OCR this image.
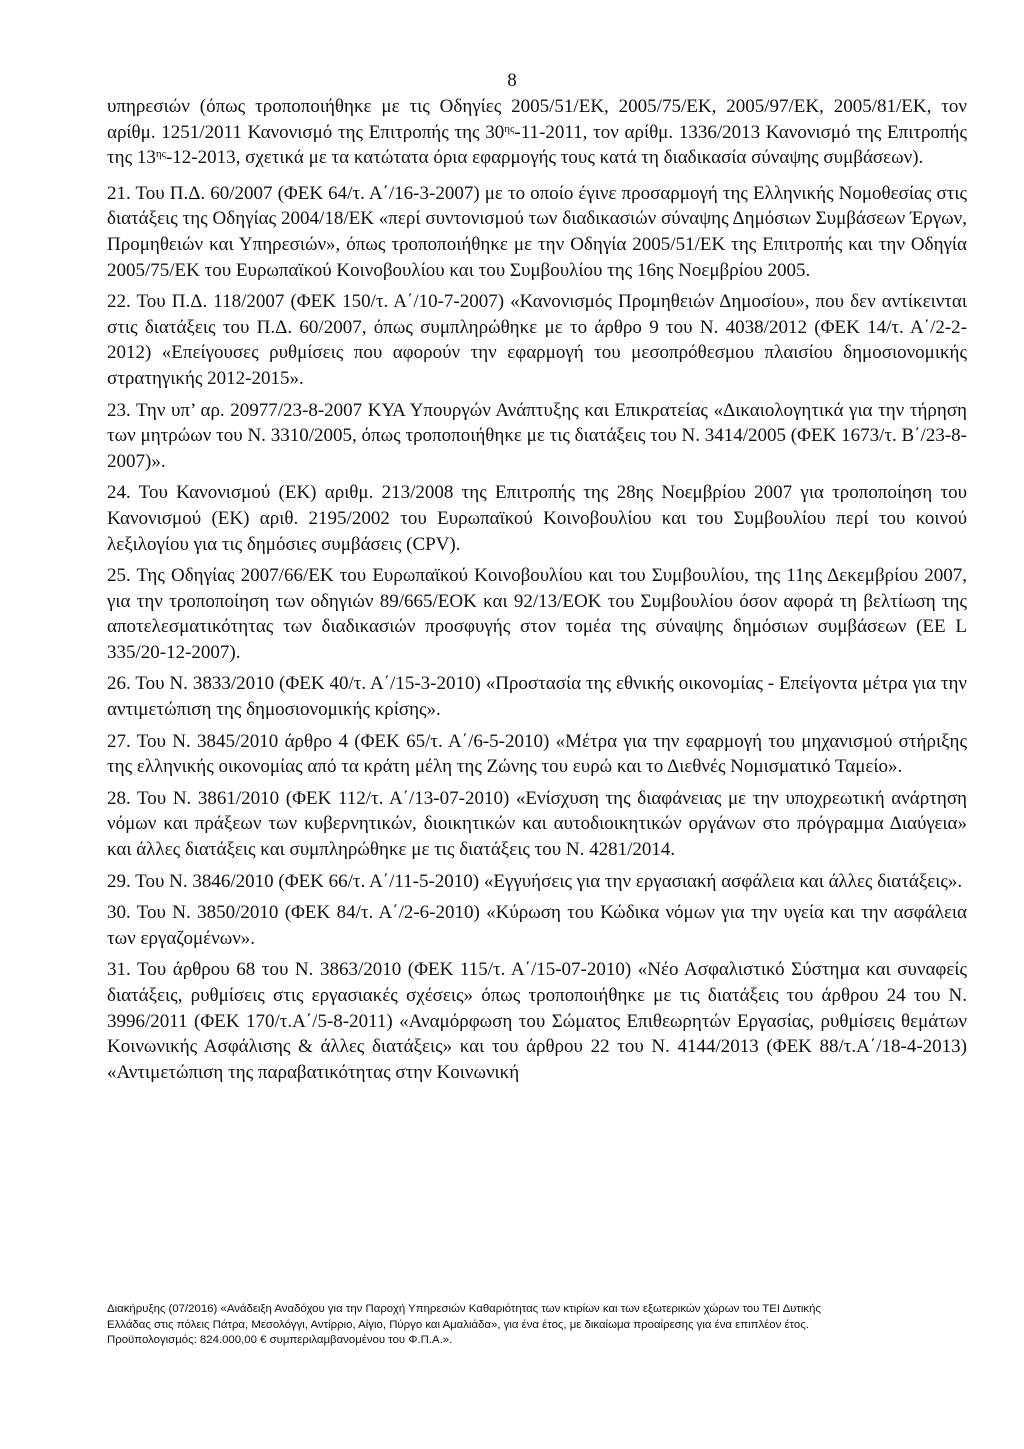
8

υπηρεσιών (όπως τροποποιήθηκε με τις Οδηγίες 2005/51/ΕΚ, 2005/75/ΕΚ, 2005/97/ΕΚ, 2005/81/ΕΚ, τον αρίθμ. 1251/2011 Κανονισμό της Επιτροπής της $30^{\eta\varsigma}-11-2011$, τον αρίθμ. 1336/2013 Κανονισμό της Επιτροπής της $13^{\eta\varsigma}-12-2013$, σχετικά με τα κατώτατα όρια εφαρμογής τους κατά τη διαδικασία σύναψης συμβάσεων).

21. Του Π.Δ. 60/2007 (ΦΕΚ 64/τ. Α΄/16-3-2007) με το οποίο έγινε προσαρμογή της Ελληνικής Νομοθεσίας στις διατάξεις της Οδηγίας 2004/18/ΕΚ «περί συντονισμού των διαδικασιών σύναψης Δημόσιων Συμβάσεων Έργων, Προμηθειών και Υπηρεσιών», όπως τροποποιήθηκε με την Οδηγία 2005/51/ΕΚ της Επιτροπής και την Οδηγία 2005/75/ΕΚ του Ευρωπαϊκού Κοινοβουλίου και του Συμβουλίου της 16ης Νοεμβρίου 2005.

22. Του Π.Δ. 118/2007 (ΦΕΚ 150/τ. Α΄/10-7-2007) «Κανονισμός Προμηθειών Δημοσίου», που δεν αντίκεινται στις διατάξεις του Π.Δ. 60/2007, όπως συμπληρώθηκε με το άρθρο 9 του Ν. 4038/2012 (ΦΕΚ 14/τ. Α΄/2-2-2012) «Επείγουσες ρυθμίσεις που αφορούν την εφαρμογή του μεσοπρόθεσμου πλαισίου δημοσιονομικής στρατηγικής 2012-2015».

23. Την υπ’ αρ. 20977/23-8-2007 ΚΥΑ Υπουργών Ανάπτυξης και Επικρατείας «Δικαιολογητικά για την τήρηση των μητρώων του Ν. 3310/2005, όπως τροποποιήθηκε με τις διατάξεις του Ν. 3414/2005 (ΦΕΚ 1673/τ. Β΄/23-8-2007)».

24. Του Κανονισμού (ΕΚ) αριθμ. 213/2008 της Επιτροπής της 28ης Νοεμβρίου 2007 για τροποποίηση του Κανονισμού (ΕΚ) αριθ. 2195/2002 του Ευρωπαϊκού Κοινοβουλίου και του Συμβουλίου περί του κοινού λεξιλογίου για τις δημόσιες συμβάσεις (CPV).

25. Της Οδηγίας 2007/66/ΕΚ του Ευρωπαϊκού Κοινοβουλίου και του Συμβουλίου, της 11ης Δεκεμβρίου 2007, για την τροποποίηση των οδηγιών 89/665/ΕΟΚ και 92/13/ΕΟΚ του Συμβουλίου όσον αφορά τη βελτίωση της αποτελεσματικότητας των διαδικασιών προσφυγής στον τομέα της σύναψης δημόσιων συμβάσεων (ΕΕ L 335/20-12-2007).

26. Του Ν. 3833/2010 (ΦΕΚ 40/τ. Α΄/15-3-2010) «Προστασία της εθνικής οικονομίας - Επείγοντα μέτρα για την αντιμετώπιση της δημοσιονομικής κρίσης».

27. Του Ν. 3845/2010 άρθρο 4 (ΦΕΚ 65/τ. Α΄/6-5-2010) «Μέτρα για την εφαρμογή του μηχανισμού στήριξης της ελληνικής οικονομίας από τα κράτη μέλη της Ζώνης του ευρώ και το Διεθνές Νομισματικό Ταμείο».

28. Του Ν. 3861/2010 (ΦΕΚ 112/τ. Α΄/13-07-2010) «Ενίσχυση της διαφάνειας με την υποχρεωτική ανάρτηση νόμων και πράξεων των κυβερνητικών, διοικητικών και αυτοδιοικητικών οργάνων στο πρόγραμμα Διαύγεια» και άλλες διατάξεις και συμπληρώθηκε με τις διατάξεις του Ν. 4281/2014.

29. Του Ν. 3846/2010 (ΦΕΚ 66/τ. Α΄/11-5-2010) «Εγγυήσεις για την εργασιακή ασφάλεια και άλλες διατάξεις».

30. Του Ν. 3850/2010 (ΦΕΚ 84/τ. Α΄/2-6-2010) «Κύρωση του Κώδικα νόμων για την υγεία και την ασφάλεια των εργαζομένων».

31. Του άρθρου 68 του Ν. 3863/2010 (ΦΕΚ 115/τ. Α΄/15-07-2010) «Νέο Ασφαλιστικό Σύστημα και συναφείς διατάξεις, ρυθμίσεις στις εργασιακές σχέσεις» όπως τροποποιήθηκε με τις διατάξεις του άρθρου 24 του Ν. 3996/2011 (ΦΕΚ 170/τ.Α΄/5-8-2011) «Αναμόρφωση του Σώματος Επιθεωρητών Εργασίας, ρυθμίσεις θεμάτων Κοινωνικής Ασφάλισης & άλλες διατάξεις» και του άρθρου 22 του Ν. 4144/2013 (ΦΕΚ 88/τ.Α΄/18-4-2013) «Αντιμετώπιση της παραβατικότητας στην Κοινωνική

Διακήρυξης (07/2016) «Ανάδειξη Αναδόχου για την Παροχή Υπηρεσιών Καθαριότητας των κτιρίων και των εξωτερικών χώρων του ΤΕΙ Δυτικής
Ελλάδας στις πόλεις Πάτρα, Μεσολόγγι, Αντίρριο, Αίγιο, Πύργο και Αμαλιάδα», για ένα έτος, με δικαίωμα προαίρεσης για ένα επιπλέον έτος.
Προϋπολογισμός: 824.000,00 € συμπεριλαμβανομένου του Φ.Π.Α.».
